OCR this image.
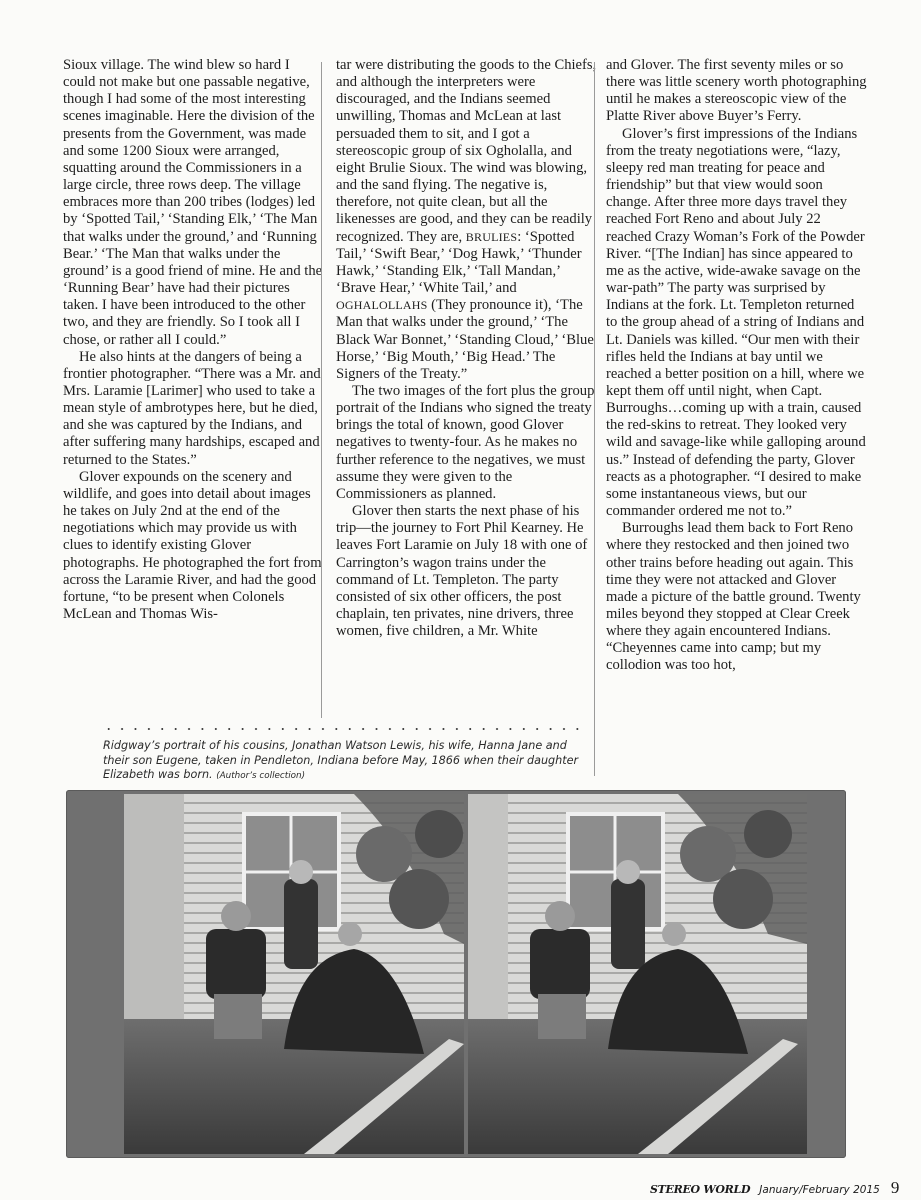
Sioux village. The wind blew so hard I could not make but one passable negative, though I had some of the most interesting scenes imaginable. Here the division of the presents from the Government, was made and some 1200 Sioux were arranged, squatting around the Commissioners in a large circle, three rows deep. The village embraces more than 200 tribes (lodges) led by ‘Spotted Tail,’ ‘Standing Elk,’ ‘The Man that walks under the ground,’ and ‘Running Bear.’ ‘The Man that walks under the ground’ is a good friend of mine. He and the ‘Running Bear’ have had their pictures taken. I have been introduced to the other two, and they are friendly. So I took all I chose, or rather all I could.”

He also hints at the dangers of being a frontier photographer. “There was a Mr. and Mrs. Laramie [Larimer] who used to take a mean style of ambrotypes here, but he died, and she was captured by the Indians, and after suffering many hardships, escaped and returned to the States.”

Glover expounds on the scenery and wildlife, and goes into detail about images he takes on July 2nd at the end of the negotiations which may provide us with clues to identify existing Glover photographs. He photographed the fort from across the Laramie River, and had the good fortune, “to be present when Colonels McLean and Thomas Wis-

tar were distributing the goods to the Chiefs, and although the interpreters were discouraged, and the Indians seemed unwilling, Thomas and McLean at last persuaded them to sit, and I got a stereoscopic group of six Ogholalla, and eight Brulie Sioux. The wind was blowing, and the sand flying. The negative is, therefore, not quite clean, but all the likenesses are good, and they can be readily recognized. They are, BRULIES: ‘Spotted Tail,’ ‘Swift Bear,’ ‘Dog Hawk,’ ‘Thunder Hawk,’ ‘Standing Elk,’ ‘Tall Mandan,’ ‘Brave Hear,’ ‘White Tail,’ and OGHALOLLAHS (They pronounce it), ‘The Man that walks under the ground,’ ‘The Black War Bonnet,’ ‘Standing Cloud,’ ‘Blue Horse,’ ‘Big Mouth,’ ‘Big Head.’ The Signers of the Treaty.”

The two images of the fort plus the group portrait of the Indians who signed the treaty brings the total of known, good Glover negatives to twenty-four. As he makes no further reference to the negatives, we must assume they were given to the Commissioners as planned.

Glover then starts the next phase of his trip—the journey to Fort Phil Kearney. He leaves Fort Laramie on July 18 with one of Carrington’s wagon trains under the command of Lt. Templeton. The party consisted of six other officers, the post chaplain, ten privates, nine drivers, three women, five children, a Mr. White

and Glover. The first seventy miles or so there was little scenery worth photographing until he makes a stereoscopic view of the Platte River above Buyer’s Ferry.

Glover’s first impressions of the Indians from the treaty negotiations were, “lazy, sleepy red man treating for peace and friendship” but that view would soon change. After three more days travel they reached Fort Reno and about July 22 reached Crazy Woman’s Fork of the Powder River. “[The Indian] has since appeared to me as the active, wide-awake savage on the war-path” The party was surprised by Indians at the fork. Lt. Templeton returned to the group ahead of a string of Indians and Lt. Daniels was killed. “Our men with their rifles held the Indians at bay until we reached a better position on a hill, where we kept them off until night, when Capt. Burroughs…coming up with a train, caused the red-skins to retreat. They looked very wild and savage-like while galloping around us.” Instead of defending the party, Glover reacts as a photographer. “I desired to make some instantaneous views, but our commander ordered me not to.”

Burroughs lead them back to Fort Reno where they restocked and then joined two other trains before heading out again. This time they were not attacked and Glover made a picture of the battle ground. Twenty miles beyond they stopped at Clear Creek where they again encountered Indians. “Cheyennes came into camp; but my collodion was too hot,

Ridgway’s portrait of his cousins, Jonathan Watson Lewis, his wife, Hanna Jane and their son Eugene, taken in Pendleton, Indiana before May, 1866 when their daughter Elizabeth was born. (Author’s collection)
STEREO WORLD January/February 2015 9
